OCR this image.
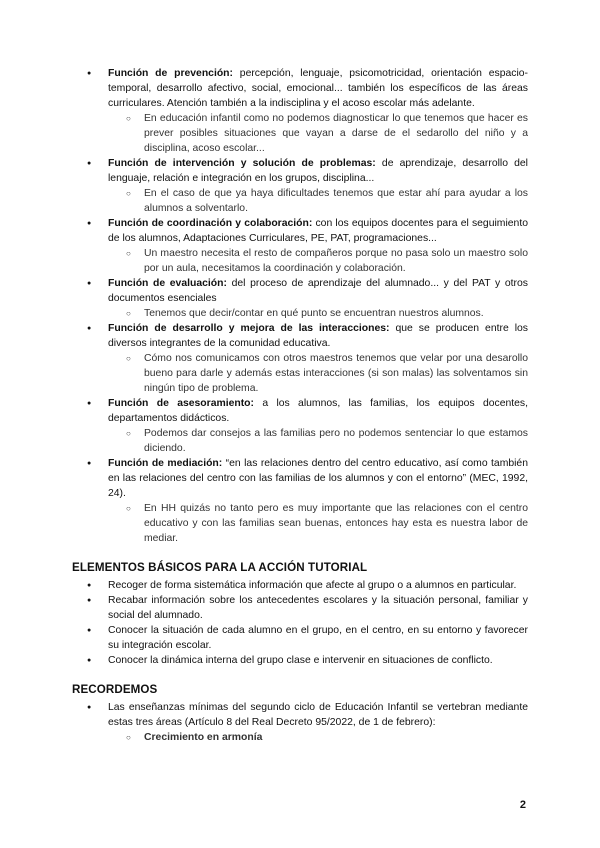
● Función de prevención: percepción, lenguaje, psicomotricidad, orientación espacio- temporal, desarrollo afectivo, social, emocional... también los específicos de las áreas curriculares. Atención también a la indisciplina y el acoso escolar más adelante.
○ En educación infantil como no podemos diagnosticar lo que tenemos que hacer es prever posibles situaciones que vayan a darse de el sedarollo del niño y a disciplina, acoso escolar...
● Función de intervención y solución de problemas: de aprendizaje, desarrollo del lenguaje, relación e integración en los grupos, disciplina...
○ En el caso de que ya haya dificultades tenemos que estar ahí para ayudar a los alumnos a solventarlo.
● Función de coordinación y colaboración: con los equipos docentes para el seguimiento de los alumnos, Adaptaciones Curriculares, PE, PAT, programaciones...
○ Un maestro necesita el resto de compañeros porque no pasa solo un maestro solo por un aula, necesitamos la coordinación y colaboración.
● Función de evaluación: del proceso de aprendizaje del alumnado... y del PAT y otros documentos esenciales
○ Tenemos que decir/contar en qué punto se encuentran nuestros alumnos.
● Función de desarrollo y mejora de las interacciones: que se producen entre los diversos integrantes de la comunidad educativa.
○ Cómo nos comunicamos con otros maestros tenemos que velar por una desarollo bueno para darle y además estas interacciones (si son malas) las solventamos sin ningún tipo de problema.
● Función de asesoramiento: a los alumnos, las familias, los equipos docentes, departamentos didácticos.
○ Podemos dar consejos a las familias pero no podemos sentenciar lo que estamos diciendo.
● Función de mediación: “en las relaciones dentro del centro educativo, así como también en las relaciones del centro con las familias de los alumnos y con el entorno” (MEC, 1992, 24).
○ En HH quizás no tanto pero es muy importante que las relaciones con el centro educativo y con las familias sean buenas, entonces hay esta es nuestra labor de mediar.
ELEMENTOS BÁSICOS PARA LA ACCIÓN TUTORIAL
● Recoger de forma sistemática información que afecte al grupo o a alumnos en particular.
● Recabar información sobre los antecedentes escolares y la situación personal, familiar y social del alumnado.
● Conocer la situación de cada alumno en el grupo, en el centro, en su entorno y favorecer su integración escolar.
● Conocer la dinámica interna del grupo clase e intervenir en situaciones de conflicto.
RECORDEMOS
● Las enseñanzas mínimas del segundo ciclo de Educación Infantil se vertebran mediante estas tres áreas (Artículo 8 del Real Decreto 95/2022, de 1 de febrero):
○ Crecimiento en armonía
2
